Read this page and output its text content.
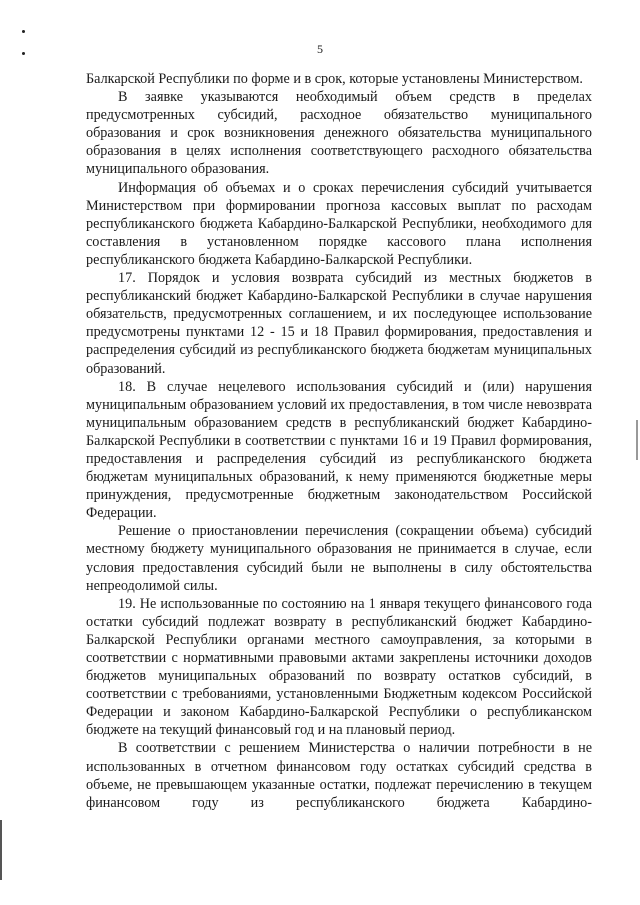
5

Балкарской Республики по форме и в срок, которые установлены Министерством.

В заявке указываются необходимый объем средств в пределах предусмотренных субсидий, расходное обязательство муниципального образования и срок возникновения денежного обязательства муниципального образования в целях исполнения соответствующего расходного обязательства муниципального образования.

Информация об объемах и о сроках перечисления субсидий учитывается Министерством при формировании прогноза кассовых выплат по расходам республиканского бюджета Кабардино-Балкарской Республики, необходимого для составления в установленном порядке кассового плана исполнения республиканского бюджета Кабардино-Балкарской Республики.

17. Порядок и условия возврата субсидий из местных бюджетов в республиканский бюджет Кабардино-Балкарской Республики в случае нарушения обязательств, предусмотренных соглашением, и их последующее использование предусмотрены пунктами 12 - 15 и 18 Правил формирования, предоставления и распределения субсидий из республиканского бюджета бюджетам муниципальных образований.

18. В случае нецелевого использования субсидий и (или) нарушения муниципальным образованием условий их предоставления, в том числе невозврата муниципальным образованием средств в республиканский бюджет Кабардино-Балкарской Республики в соответствии с пунктами 16 и 19 Правил формирования, предоставления и распределения субсидий из республиканского бюджета бюджетам муниципальных образований, к нему применяются бюджетные меры принуждения, предусмотренные бюджетным законодательством Российской Федерации.

Решение о приостановлении перечисления (сокращении объема) субсидий местному бюджету муниципального образования не принимается в случае, если условия предоставления субсидий были не выполнены в силу обстоятельства непреодолимой силы.

19. Не использованные по состоянию на 1 января текущего финансового года остатки субсидий подлежат возврату в республиканский бюджет Кабардино-Балкарской Республики органами местного самоуправления, за которыми в соответствии с нормативными правовыми актами закреплены источники доходов бюджетов муниципальных образований по возврату остатков субсидий, в соответствии с требованиями, установленными Бюджетным кодексом Российской Федерации и законом Кабардино-Балкарской Республики о республиканском бюджете на текущий финансовый год и на плановый период.

В соответствии с решением Министерства о наличии потребности в не использованных в отчетном финансовом году остатках субсидий средства в объеме, не превышающем указанные остатки, подлежат перечислению в текущем финансовом году из республиканского бюджета Кабардино-
